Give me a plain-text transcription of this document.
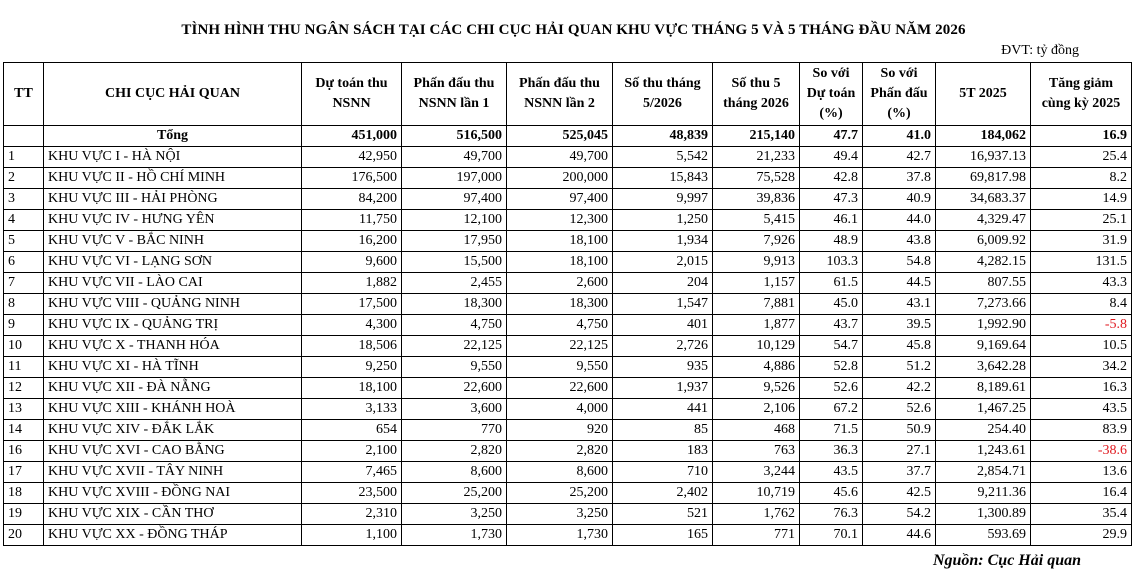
TÌNH HÌNH THU NGÂN SÁCH TẠI CÁC CHI CỤC HẢI QUAN KHU VỰC THÁNG 5 VÀ 5 THÁNG ĐẦU NĂM 2026
ĐVT: tỷ đồng
TT	CHI CỤC HẢI QUAN	Dự toán thu NSNN	Phấn đấu thu NSNN lần 1	Phấn đấu thu NSNN lần 2	Số thu tháng 5/2026	Số thu 5 tháng 2026	So với Dự toán (%)	So với Phấn đấu (%)	5T 2025	Tăng giảm cùng kỳ 2025
	Tổng	451,000	516,500	525,045	48,839	215,140	47.7	41.0	184,062	16.9
1	KHU VỰC I - HÀ NỘI	42,950	49,700	49,700	5,542	21,233	49.4	42.7	16,937.13	25.4
2	KHU VỰC II - HỒ CHÍ MINH	176,500	197,000	200,000	15,843	75,528	42.8	37.8	69,817.98	8.2
3	KHU VỰC III - HẢI PHÒNG	84,200	97,400	97,400	9,997	39,836	47.3	40.9	34,683.37	14.9
4	KHU VỰC IV - HƯNG YÊN	11,750	12,100	12,300	1,250	5,415	46.1	44.0	4,329.47	25.1
5	KHU VỰC V - BẮC NINH	16,200	17,950	18,100	1,934	7,926	48.9	43.8	6,009.92	31.9
6	KHU VỰC VI - LẠNG SƠN	9,600	15,500	18,100	2,015	9,913	103.3	54.8	4,282.15	131.5
7	KHU VỰC VII - LÀO CAI	1,882	2,455	2,600	204	1,157	61.5	44.5	807.55	43.3
8	KHU VỰC VIII - QUẢNG NINH	17,500	18,300	18,300	1,547	7,881	45.0	43.1	7,273.66	8.4
9	KHU VỰC IX - QUẢNG TRỊ	4,300	4,750	4,750	401	1,877	43.7	39.5	1,992.90	-5.8
10	KHU VỰC X - THANH HÓA	18,506	22,125	22,125	2,726	10,129	54.7	45.8	9,169.64	10.5
11	KHU VỰC XI - HÀ TĨNH	9,250	9,550	9,550	935	4,886	52.8	51.2	3,642.28	34.2
12	KHU VỰC XII - ĐÀ NẴNG	18,100	22,600	22,600	1,937	9,526	52.6	42.2	8,189.61	16.3
13	KHU VỰC XIII - KHÁNH HOÀ	3,133	3,600	4,000	441	2,106	67.2	52.6	1,467.25	43.5
14	KHU VỰC XIV - ĐẮK LẮK	654	770	920	85	468	71.5	50.9	254.40	83.9
16	KHU VỰC XVI - CAO BẰNG	2,100	2,820	2,820	183	763	36.3	27.1	1,243.61	-38.6
17	KHU VỰC XVII - TÂY NINH	7,465	8,600	8,600	710	3,244	43.5	37.7	2,854.71	13.6
18	KHU VỰC XVIII - ĐỒNG NAI	23,500	25,200	25,200	2,402	10,719	45.6	42.5	9,211.36	16.4
19	KHU VỰC XIX - CẦN THƠ	2,310	3,250	3,250	521	1,762	76.3	54.2	1,300.89	35.4
20	KHU VỰC XX - ĐỒNG THÁP	1,100	1,730	1,730	165	771	70.1	44.6	593.69	29.9
Nguồn: Cục Hải quan
